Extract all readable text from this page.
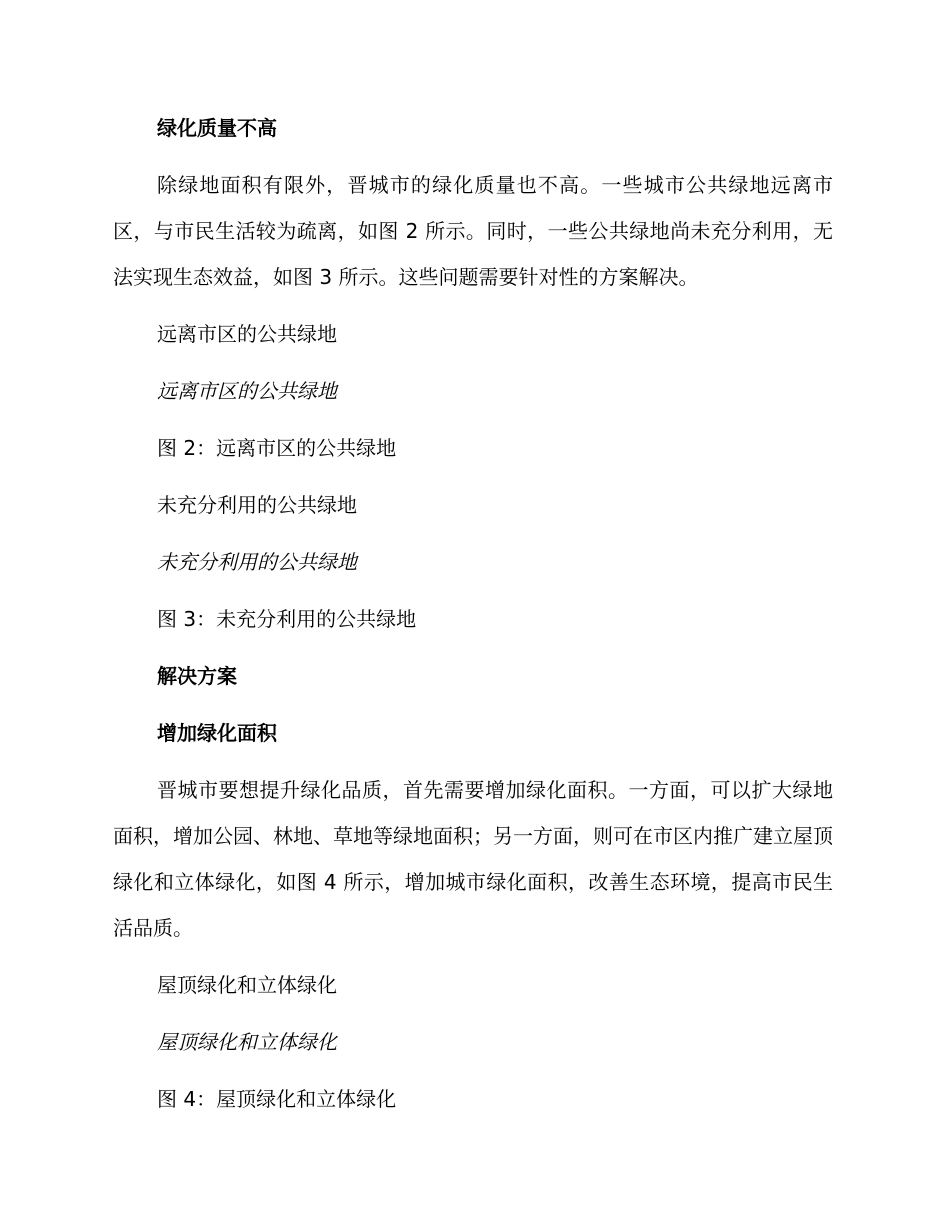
绿化质量不高
除绿地面积有限外，晋城市的绿化质量也不高。一些城市公共绿地远离市区，与市民生活较为疏离，如图 2 所示。同时，一些公共绿地尚未充分利用，无法实现生态效益，如图 3 所示。这些问题需要针对性的方案解决。
远离市区的公共绿地
远离市区的公共绿地
图 2：远离市区的公共绿地
未充分利用的公共绿地
未充分利用的公共绿地
图 3：未充分利用的公共绿地
解决方案
增加绿化面积
晋城市要想提升绿化品质，首先需要增加绿化面积。一方面，可以扩大绿地面积，增加公园、林地、草地等绿地面积；另一方面，则可在市区内推广建立屋顶绿化和立体绿化，如图 4 所示，增加城市绿化面积，改善生态环境，提高市民生活品质。
屋顶绿化和立体绿化
屋顶绿化和立体绿化
图 4：屋顶绿化和立体绿化
